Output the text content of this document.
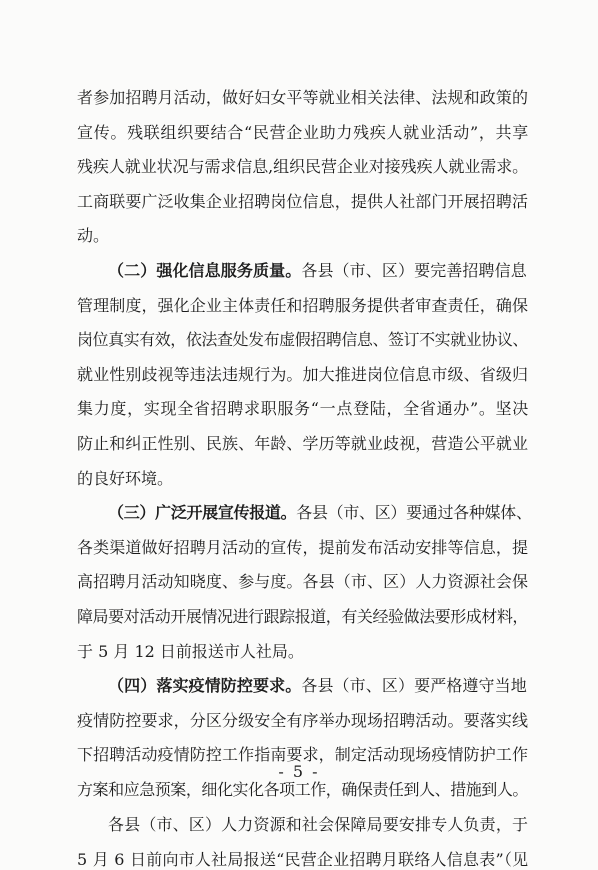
者参加招聘月活动，做好妇女平等就业相关法律、法规和政策的
宣传。残联组织要结合“民营企业助力残疾人就业活动”，共享
残疾人就业状况与需求信息,组织民营企业对接残疾人就业需求。
工商联要广泛收集企业招聘岗位信息，提供人社部门开展招聘活
动。
（二）强化信息服务质量。各县（市、区）要完善招聘信息
管理制度，强化企业主体责任和招聘服务提供者审查责任，确保
岗位真实有效，依法查处发布虚假招聘信息、签订不实就业协议、
就业性别歧视等违法违规行为。加大推进岗位信息市级、省级归
集力度，实现全省招聘求职服务“一点登陆，全省通办”。坚决
防止和纠正性别、民族、年龄、学历等就业歧视，营造公平就业
的良好环境。
（三）广泛开展宣传报道。各县（市、区）要通过各种媒体、
各类渠道做好招聘月活动的宣传，提前发布活动安排等信息，提
高招聘月活动知晓度、参与度。各县（市、区）人力资源社会保
障局要对活动开展情况进行跟踪报道，有关经验做法要形成材料，
于 5 月 12 日前报送市人社局。
（四）落实疫情防控要求。各县（市、区）要严格遵守当地
疫情防控要求，分区分级安全有序举办现场招聘活动。要落实线
下招聘活动疫情防控工作指南要求，制定活动现场疫情防护工作
方案和应急预案，细化实化各项工作，确保责任到人、措施到人。
各县（市、区）人力资源和社会保障局要安排专人负责，于
5 月 6 日前向市人社局报送“民营企业招聘月联络人信息表”（见
- 5 -
